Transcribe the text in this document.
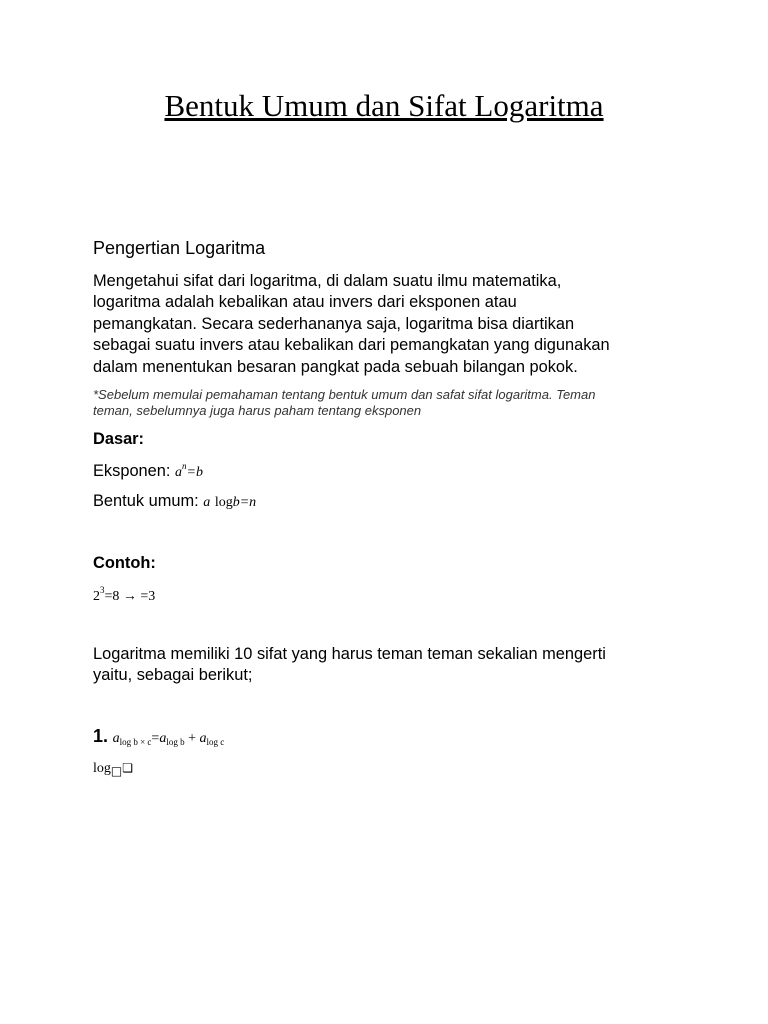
Bentuk Umum dan Sifat Logaritma
Pengertian Logaritma
Mengetahui sifat dari logaritma, di dalam suatu ilmu matematika,
logaritma adalah kebalikan atau invers dari eksponen atau
pemangkatan. Secara sederhananya saja, logaritma bisa diartikan
sebagai suatu invers atau kebalikan dari pemangkatan yang digunakan
dalam menentukan besaran pangkat pada sebuah bilangan pokok.
*Sebelum memulai pemahaman tentang bentuk umum dan safat sifat logaritma. Teman
teman, sebelumnya juga harus paham tentang eksponen
Dasar:
Eksponen: $a^n=b$
Bentuk umum: a logb=n
Contoh:
$2^3=8 \to =3$
Logaritma memiliki 10 sifat yang harus teman teman sekalian mengerti
yaitu, sebagai berikut;
1. $a_{log b \times c}=a_{log b} + a_{log c}$
$\log_□❏$
